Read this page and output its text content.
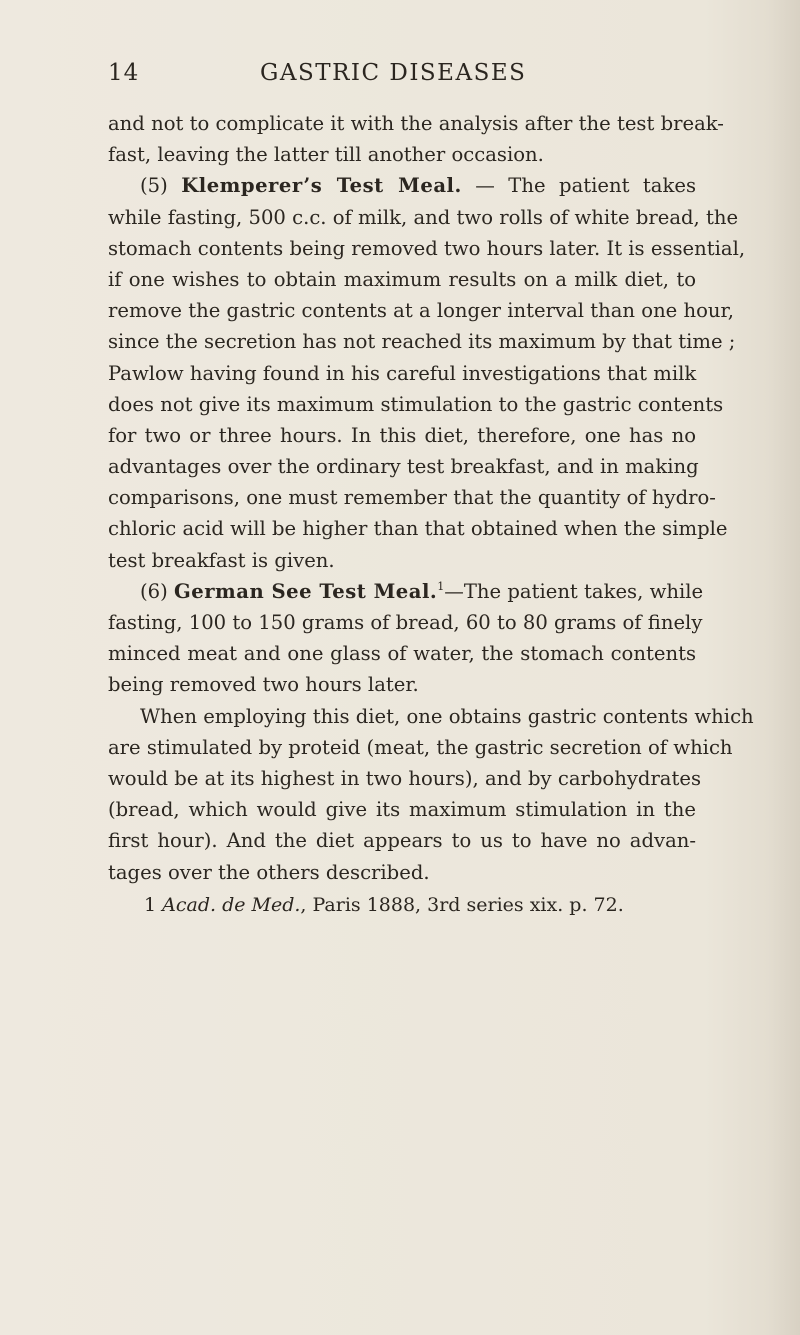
14	GASTRIC DISEASES
and not to complicate it with the analysis after the test break-
fast, leaving the latter till another occasion.
(5) Klemperer’s Test Meal. — The patient takes
while fasting, 500 c.c. of milk, and two rolls of white bread, the
stomach contents being removed two hours later. It is essential,
if one wishes to obtain maximum results on a milk diet, to
remove the gastric contents at a longer interval than one hour,
since the secretion has not reached its maximum by that time ;
Pawlow having found in his careful investigations that milk
does not give its maximum stimulation to the gastric contents
for two or three hours. In this diet, therefore, one has no
advantages over the ordinary test breakfast, and in making
comparisons, one must remember that the quantity of hydro-
chloric acid will be higher than that obtained when the simple
test breakfast is given.
(6) German See Test Meal.$^1$—The patient takes, while
fasting, 100 to 150 grams of bread, 60 to 80 grams of finely
minced meat and one glass of water, the stomach contents
being removed two hours later.
When employing this diet, one obtains gastric contents which
are stimulated by proteid (meat, the gastric secretion of which
would be at its highest in two hours), and by carbohydrates
(bread, which would give its maximum stimulation in the
first hour). And the diet appears to us to have no advan-
tages over the others described.
1 Acad. de Med., Paris 1888, 3rd series xix. p. 72.
